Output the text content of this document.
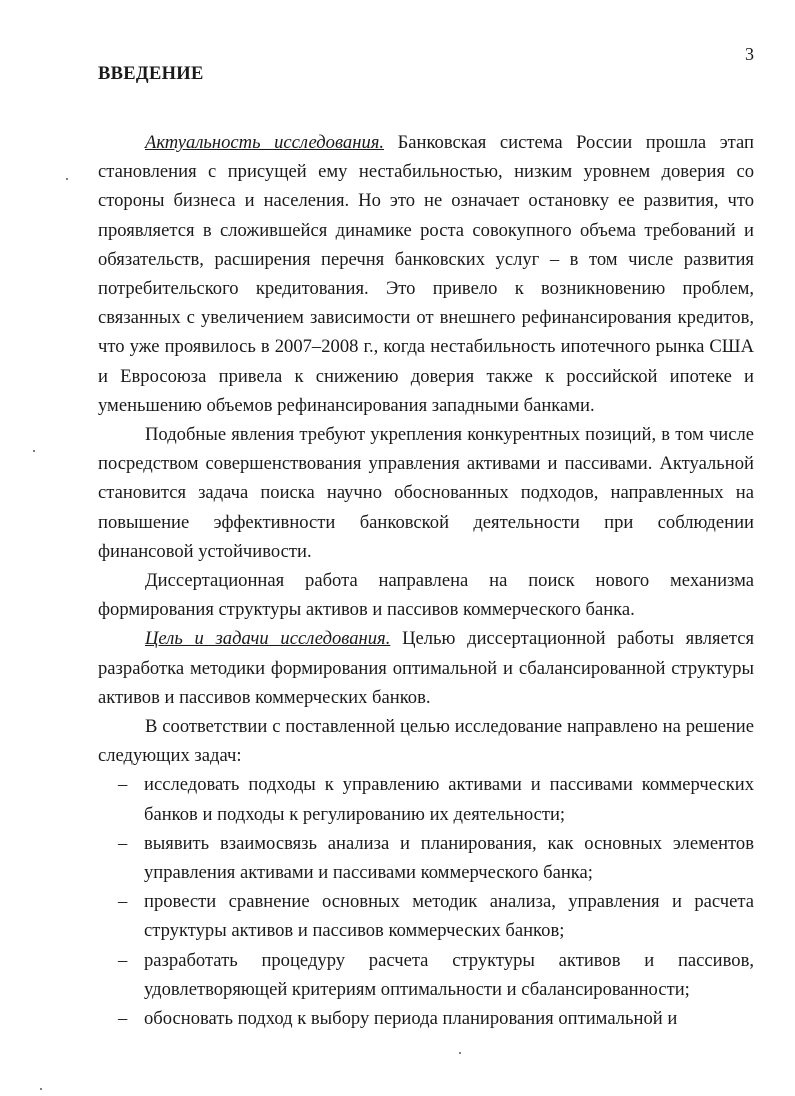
3
ВВЕДЕНИЕ

Актуальность исследования. Банковская система России прошла этап становления с присущей ему нестабильностью, низким уровнем доверия со стороны бизнеса и населения. Но это не означает остановку ее развития, что проявляется в сложившейся динамике роста совокупного объема требований и обязательств, расширения перечня банковских услуг – в том числе развития потребительского кредитования. Это привело к возникновению проблем, связанных с увеличением зависимости от внешнего рефинансирования кредитов, что уже проявилось в 2007–2008 г., когда нестабильность ипотечного рынка США и Евросоюза привела к снижению доверия также к российской ипотеке и уменьшению объемов рефинансирования западными банками.

Подобные явления требуют укрепления конкурентных позиций, в том числе посредством совершенствования управления активами и пассивами. Актуальной становится задача поиска научно обоснованных подходов, направленных на повышение эффективности банковской деятельности при соблюдении финансовой устойчивости.

Диссертационная работа направлена на поиск нового механизма формирования структуры активов и пассивов коммерческого банка.

Цель и задачи исследования. Целью диссертационной работы является разработка методики формирования оптимальной и сбалансированной структуры активов и пассивов коммерческих банков.

В соответствии с поставленной целью исследование направлено на решение следующих задач:

– исследовать подходы к управлению активами и пассивами коммерческих банков и подходы к регулированию их деятельности;
– выявить взаимосвязь анализа и планирования, как основных элементов управления активами и пассивами коммерческого банка;
– провести сравнение основных методик анализа, управления и расчета структуры активов и пассивов коммерческих банков;
– разработать процедуру расчета структуры активов и пассивов, удовлетворяющей критериям оптимальности и сбалансированности;
– обосновать подход к выбору периода планирования оптимальной и
